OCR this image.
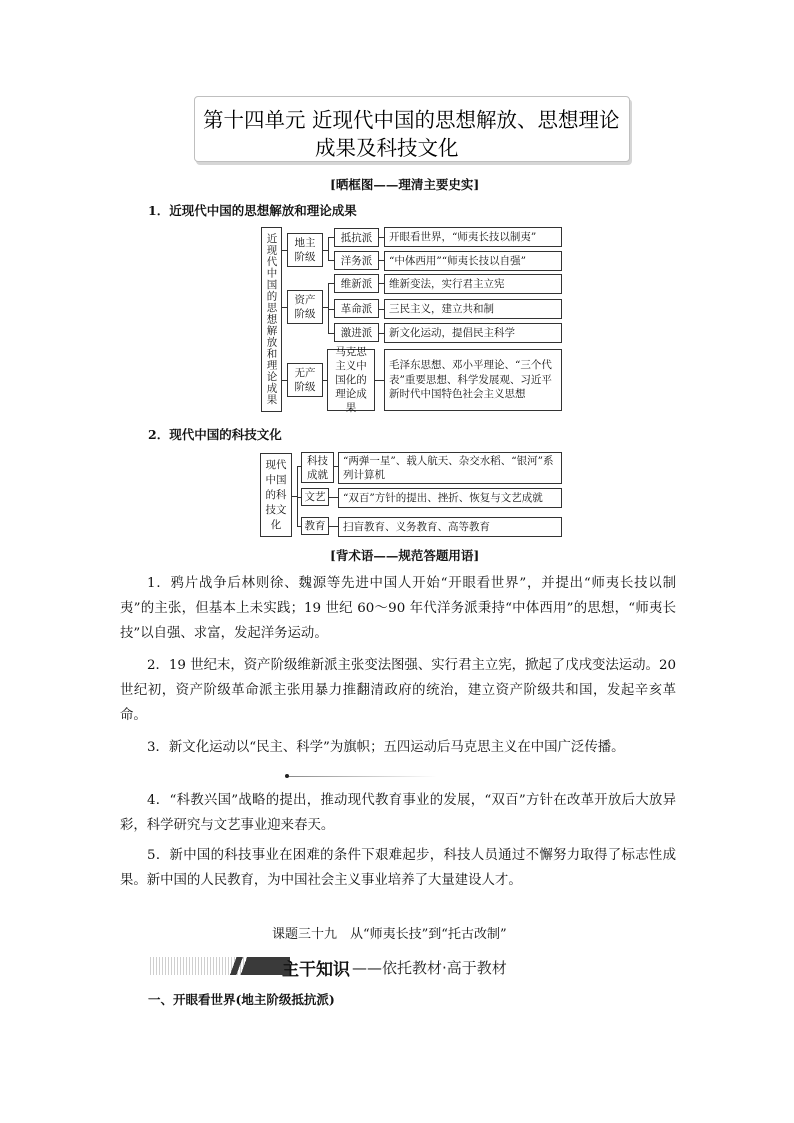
第十四单元 近现代中国的思想解放、思想理论
成果及科技文化
[晒框图——理清主要史实]
1．近现代中国的思想解放和理论成果
近现代中国的思想解放和理论成果	地主阶级
资产阶级
无产阶级
抵抗派
洋务派
维新派
革命派
激进派
马克思主义中国化的理论成果
开眼看世界，“师夷长技以制夷”
“中体西用”“师夷长技以自强”
维新变法，实行君主立宪
三民主义，建立共和制
新文化运动，提倡民主科学
毛泽东思想、邓小平理论、“三个代表”重要思想、科学发展观、习近平新时代中国特色社会主义思想
2．现代中国的科技文化
现代中国的科技文化
科技成就
文艺
教育
“两弹一星”、载人航天、杂交水稻、“银河”系列计算机
“双百”方针的提出、挫折、恢复与文艺成就
扫盲教育、义务教育、高等教育
[背术语——规范答题用语]

1．鸦片战争后林则徐、魏源等先进中国人开始“开眼看世界”，并提出“师夷长技以制夷”的主张，但基本上未实践；19 世纪 60～90 年代洋务派秉持“中体西用”的思想，“师夷长技”以自强、求富，发起洋务运动。

2．19 世纪末，资产阶级维新派主张变法图强、实行君主立宪，掀起了戊戌变法运动。20 世纪初，资产阶级革命派主张用暴力推翻清政府的统治，建立资产阶级共和国，发起辛亥革命。

3．新文化运动以“民主、科学”为旗帜；五四运动后马克思主义在中国广泛传播。

4．“科教兴国”战略的提出，推动现代教育事业的发展，“双百”方针在改革开放后大放异彩，科学研究与文艺事业迎来春天。

5．新中国的科技事业在困难的条件下艰难起步，科技人员通过不懈努力取得了标志性成果。新中国的人民教育，为中国社会主义事业培养了大量建设人才。

课题三十九　从“师夷长技”到“托古改制”
主干知识 ——依托教材·高于教材
一、开眼看世界(地主阶级抵抗派)
